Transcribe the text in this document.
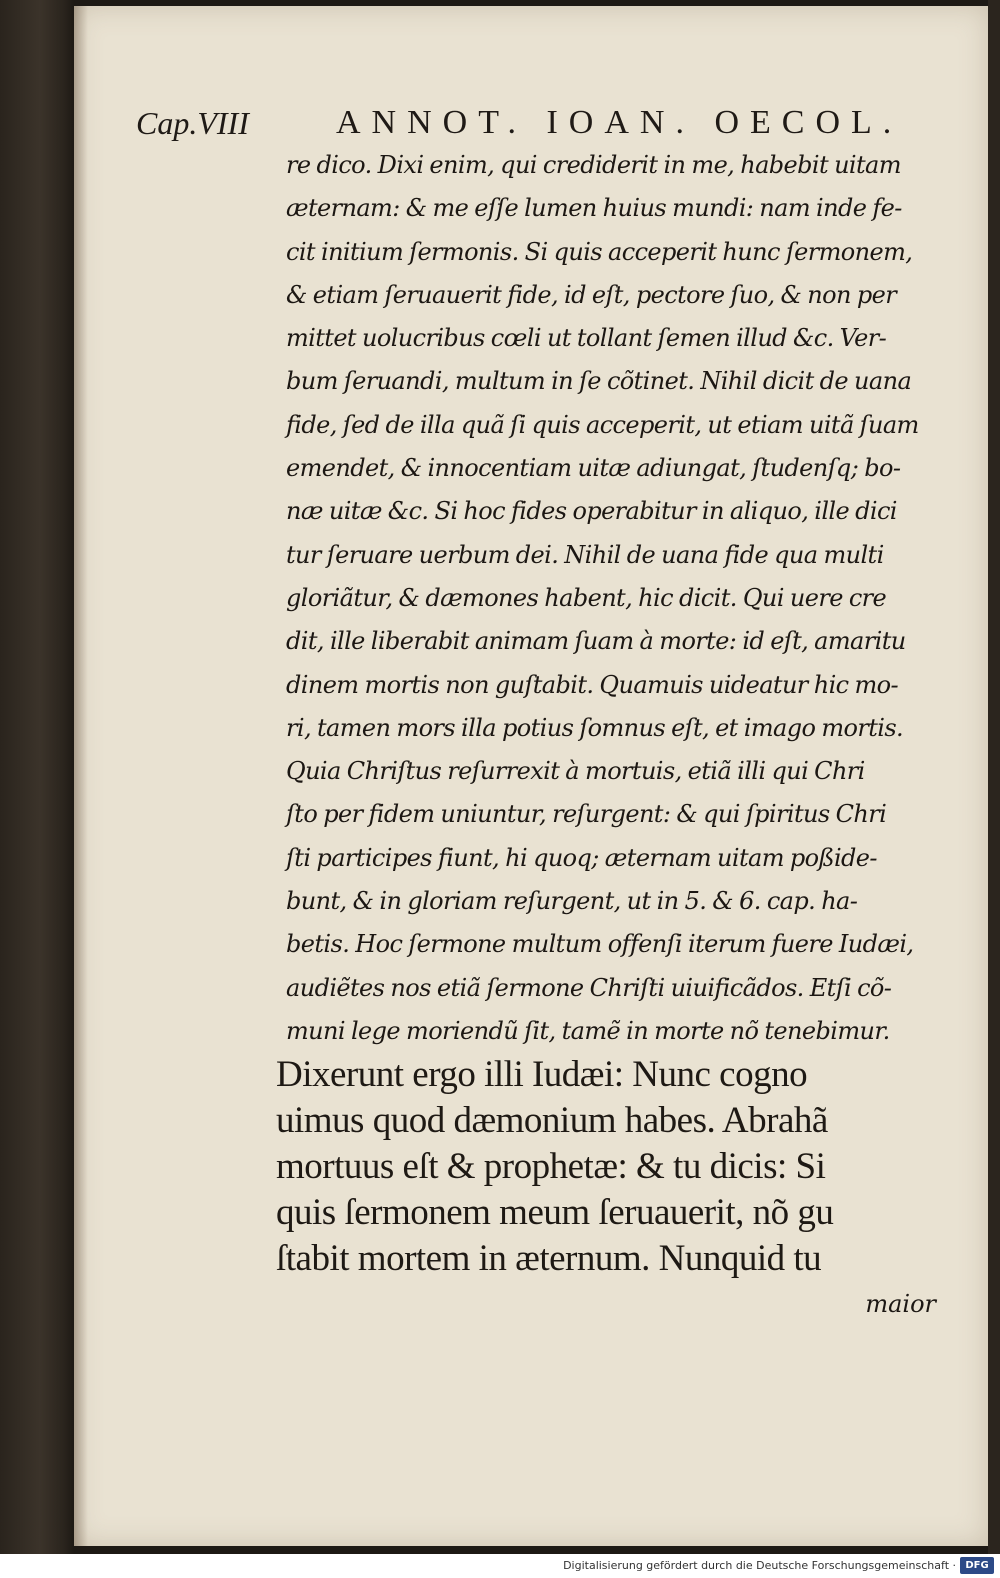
Cap.VIII	ANNOT. IOAN. OECOL.
re dico. Dixi enim, qui crediderit in me, habebit uitam
æternam: & me eſſe lumen huius mundi: nam inde fe-
cit initium ſermonis. Si quis acceperit hunc ſermonem,
& etiam ſeruauerit fide, id eſt, pectore ſuo, & non per
mittet uolucribus cœli ut tollant ſemen illud &c. Ver-
bum ſeruandi, multum in ſe cõtinet. Nihil dicit de uana
fide, ſed de illa quã ſi quis acceperit, ut etiam uitã ſuam
emendet, & innocentiam uitæ adiungat, ſtudenſq; bo-
næ uitæ &c. Si hoc fides operabitur in aliquo, ille dici
tur ſeruare uerbum dei. Nihil de uana fide qua multi
gloriãtur, & dæmones habent, hic dicit. Qui uere cre
dit, ille liberabit animam ſuam à morte: id eſt, amaritu
dinem mortis non guſtabit. Quamuis uideatur hic mo-
ri, tamen mors illa potius ſomnus eſt, et imago mortis.
Quia Chriſtus reſurrexit à mortuis, etiã illi qui Chri
ſto per fidem uniuntur, reſurgent: & qui ſpiritus Chri
ſti participes fiunt, hi quoq; æternam uitam poßide-
bunt, & in gloriam reſurgent, ut in 5. & 6. cap. ha-
betis. Hoc ſermone multum offenſi iterum fuere Iudæi,
audiẽtes nos etiã ſermone Chriſti uiuificãdos. Etſi cõ-
muni lege moriendũ ſit, tamẽ in morte nõ tenebimur.
Dixerunt ergo illi Iudæi: Nunc cogno
uimus quod dæmonium habes. Abrahã
mortuus eſt & prophetæ: & tu dicis: Si
quis ſermonem meum ſeruauerit, nõ gu
ſtabit mortem in æternum. Nunquid tu
maior
Digitalisierung gefördert durch die Deutsche Forschungsgemeinschaft · DFG
